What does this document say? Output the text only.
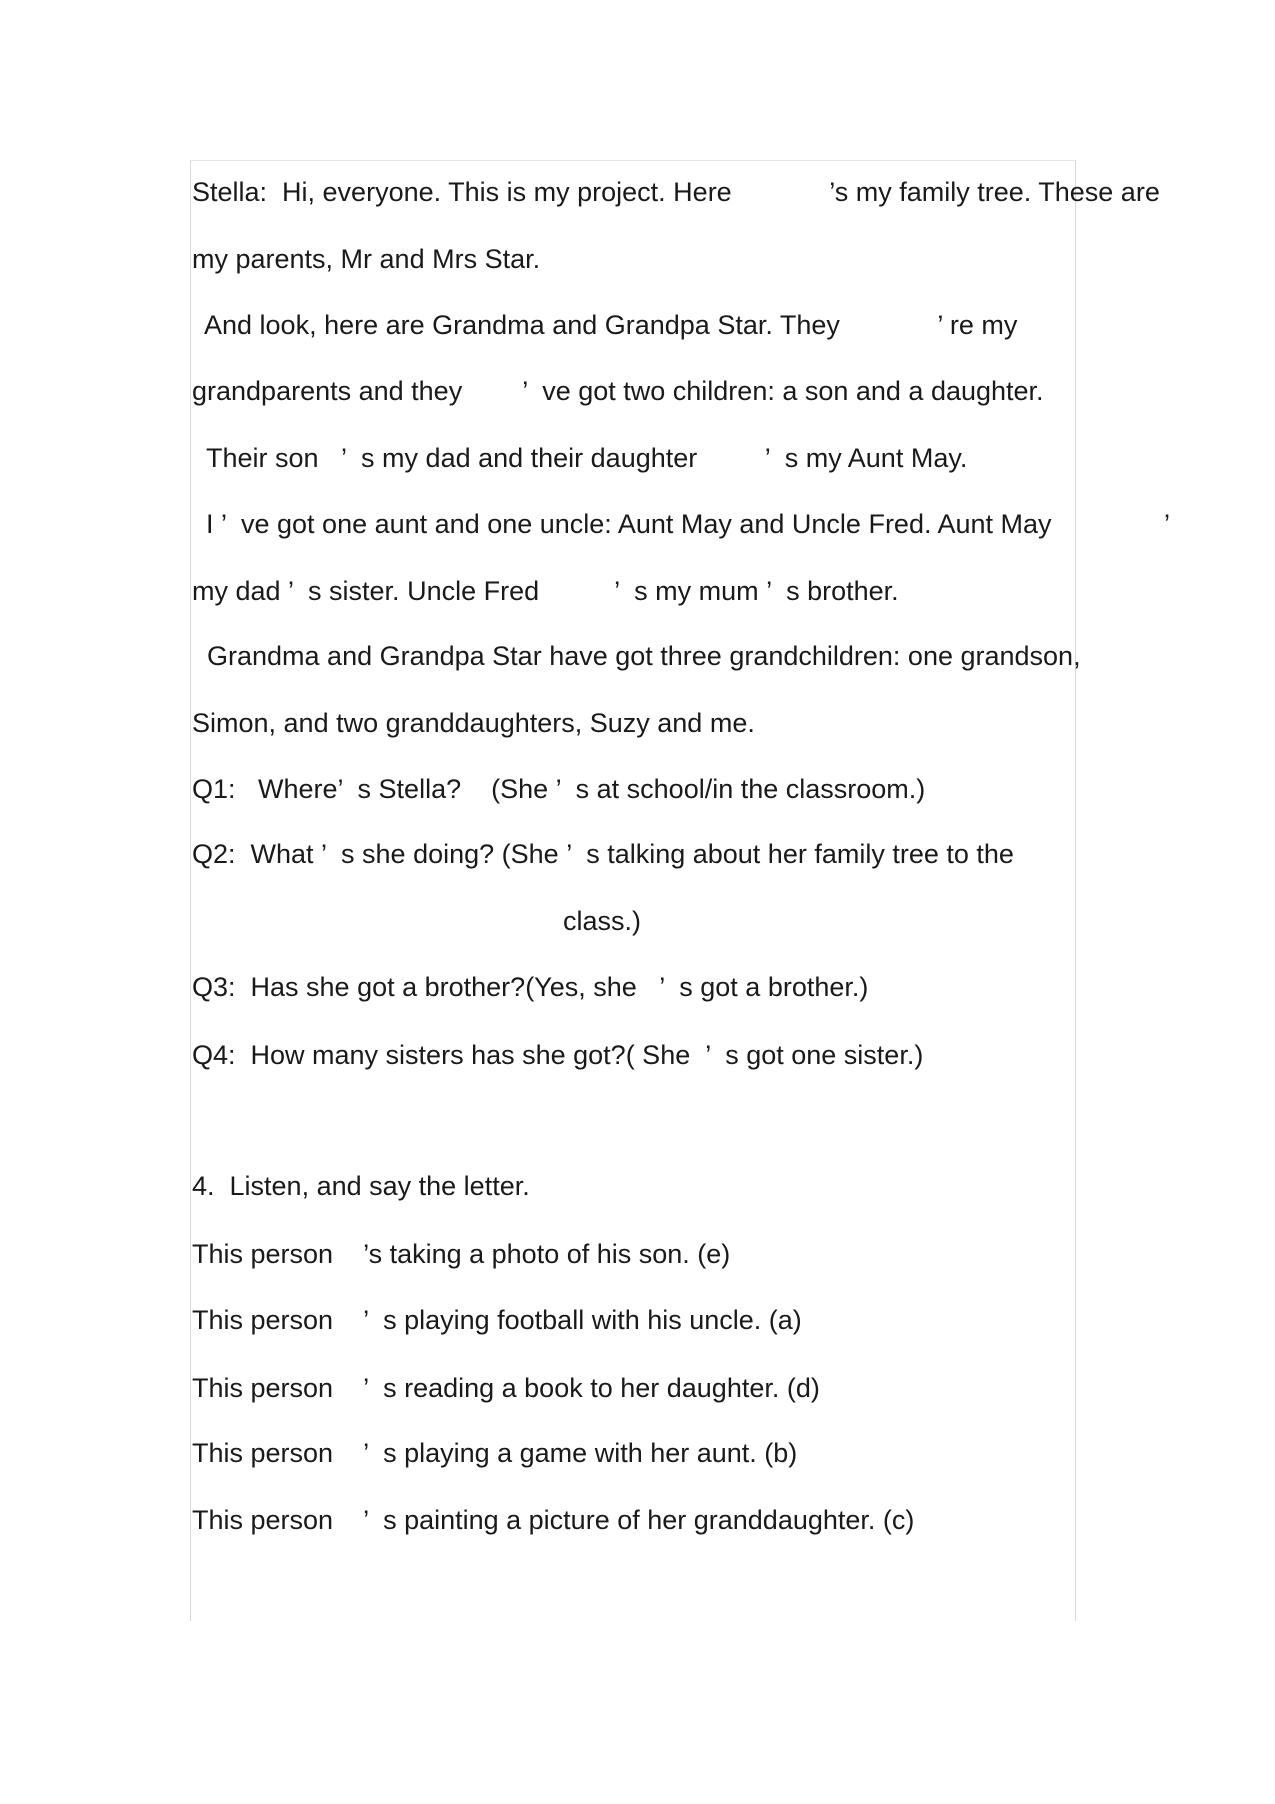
Stella:  Hi, everyone. This is my project. Here             ’s my family tree. These are
my parents, Mr and Mrs Star.
And look, here are Grandma and Grandpa Star. They             ’ re my
grandparents and they        ’  ve got two children: a son and a daughter.
Their son   ’  s my dad and their daughter         ’  s my Aunt May.
I ’  ve got one aunt and one uncle: Aunt May and Uncle Fred. Aunt May               ’
my dad ’  s sister. Uncle Fred          ’  s my mum ’  s brother.
Grandma and Grandpa Star have got three grandchildren: one grandson,
Simon, and two granddaughters, Suzy and me.
Q1:   Where’  s Stella?    (She ’  s at school/in the classroom.)
Q2:  What ’  s she doing? (She ’  s talking about her family tree to the
class.)
Q3:  Has she got a brother?(Yes, she   ’  s got a brother.)
Q4:  How many sisters has she got?( She  ’  s got one sister.)
4.  Listen, and say the letter.
This person    ’s taking a photo of his son. (e)
This person    ’  s playing football with his uncle. (a)
This person    ’  s reading a book to her daughter. (d)
This person    ’  s playing a game with her aunt. (b)
This person    ’  s painting a picture of her granddaughter. (c)
